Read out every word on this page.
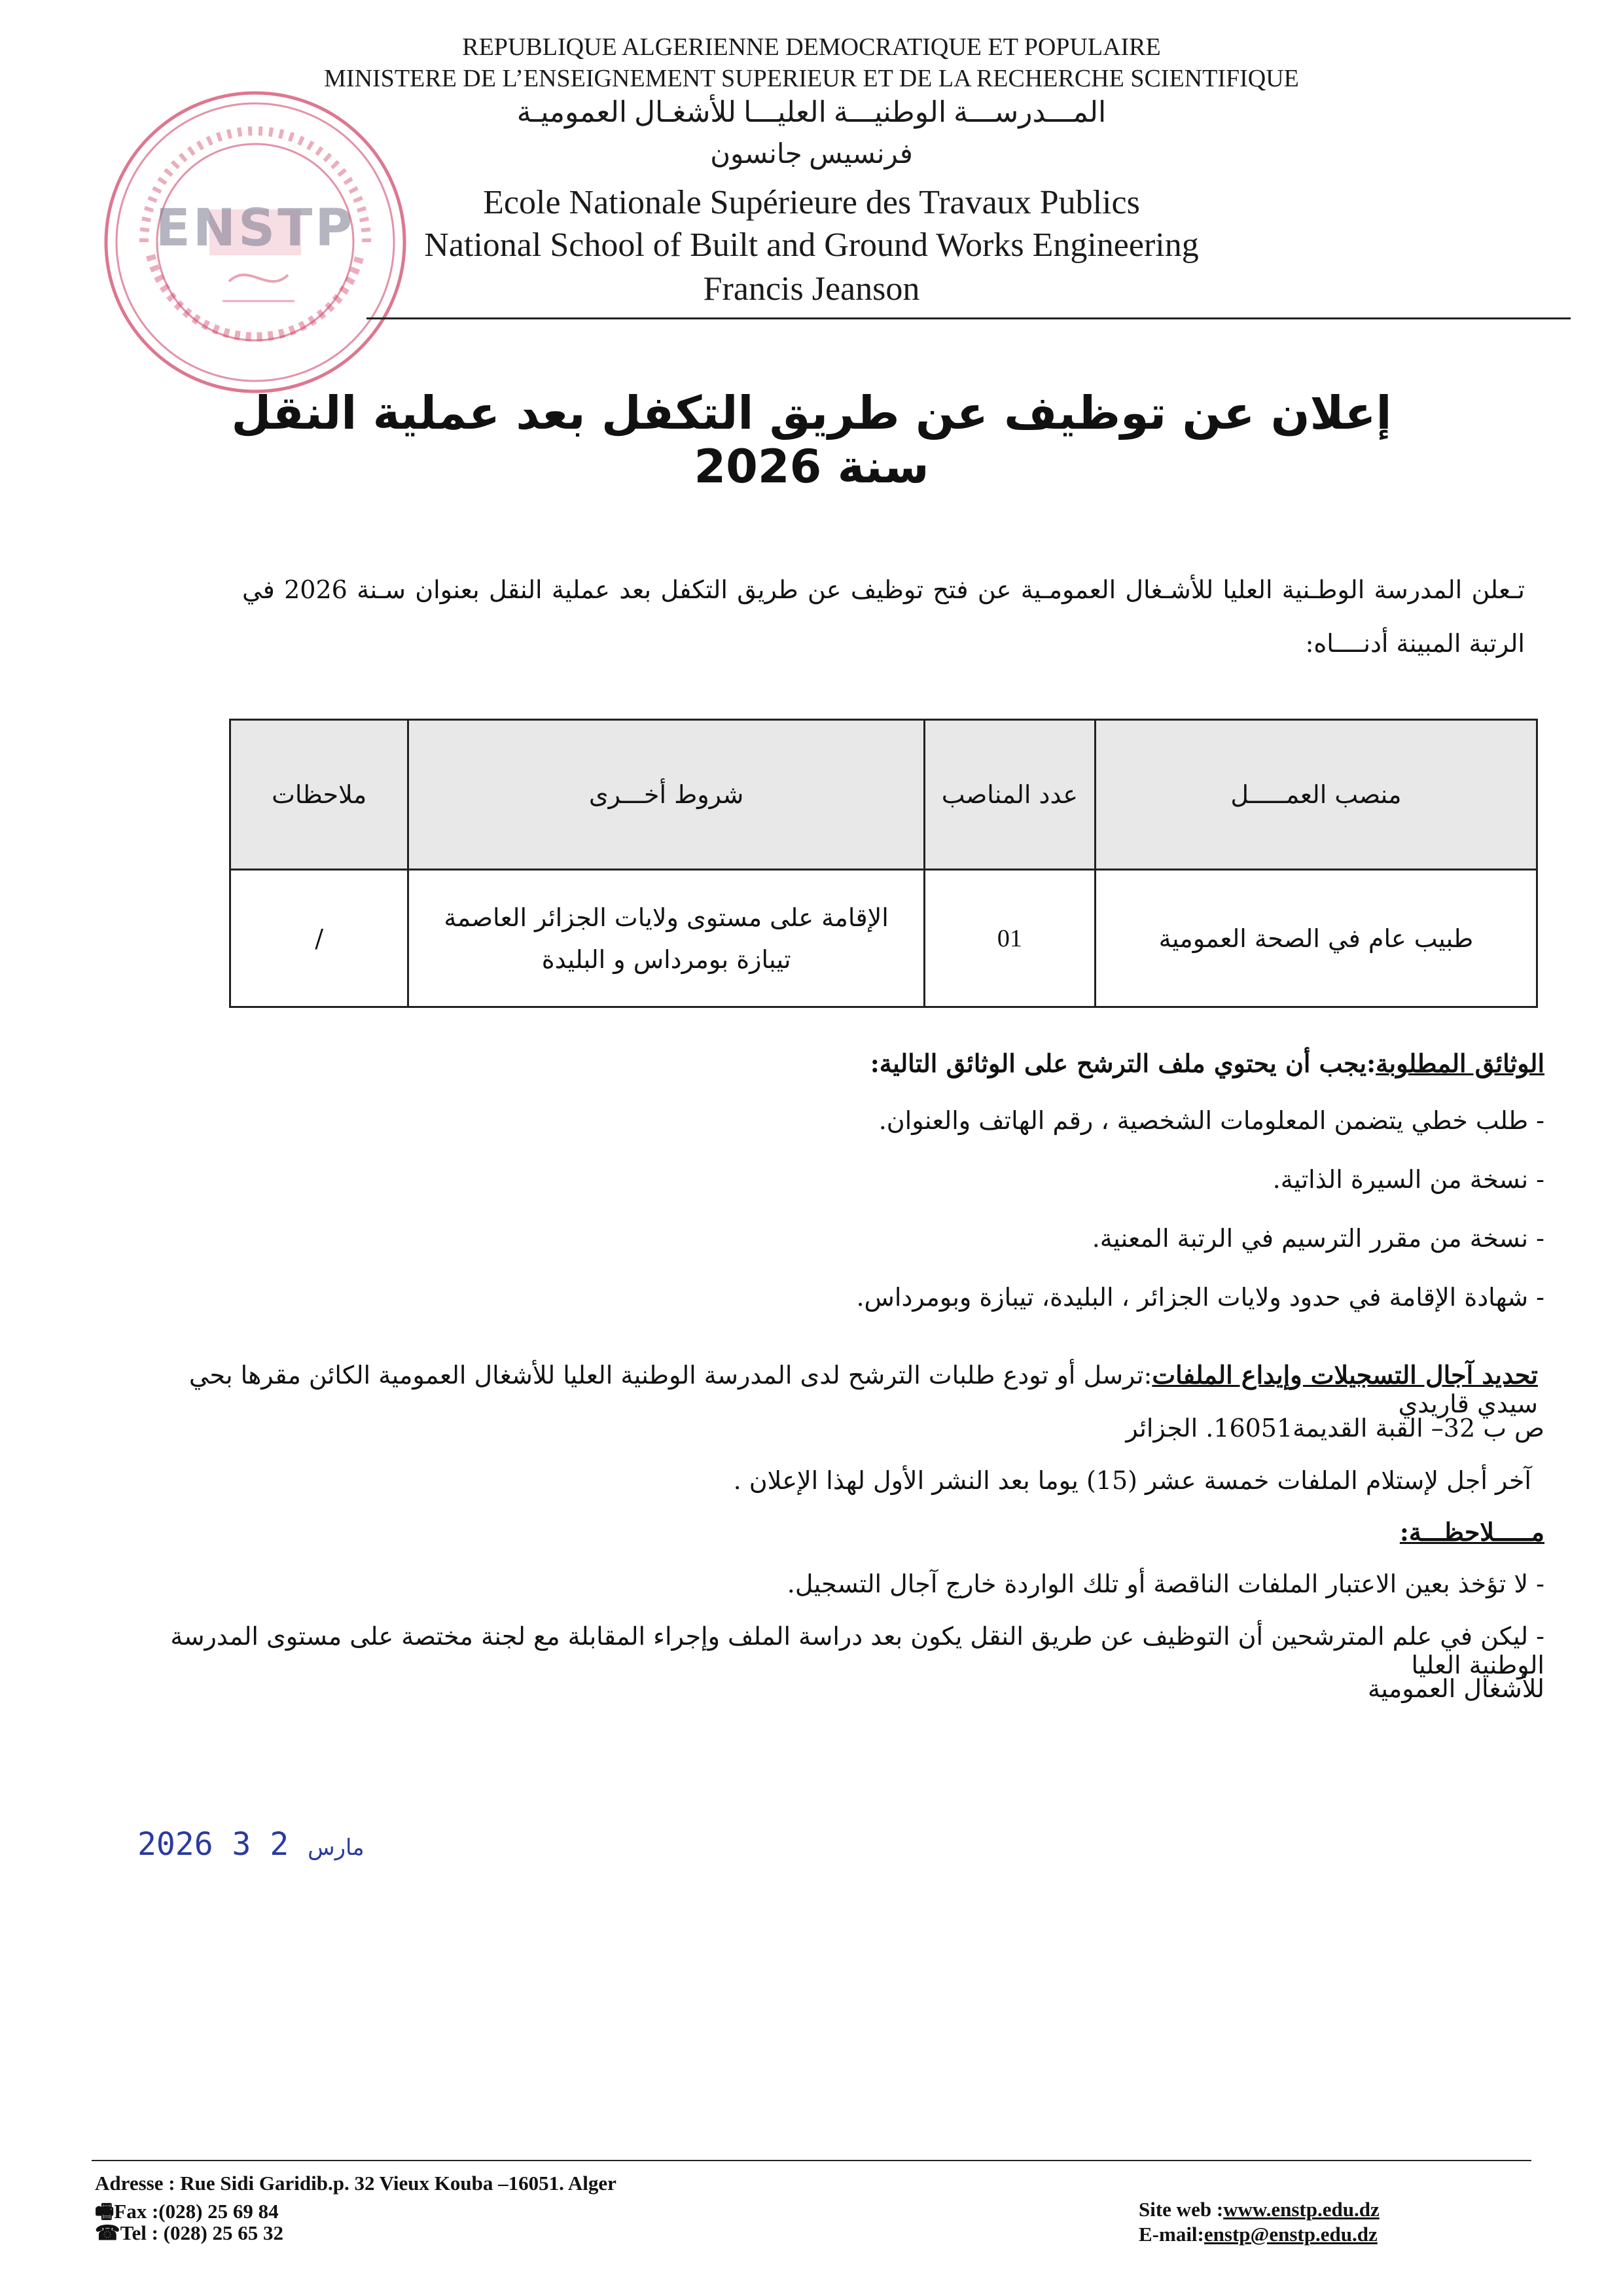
ENSTP
REPUBLIQUE ALGERIENNE DEMOCRATIQUE ET POPULAIRE
MINISTERE DE L’ENSEIGNEMENT SUPERIEUR ET DE LA RECHERCHE SCIENTIFIQUE
المـــدرســـة الوطنيـــة العليـــا للأشغـال العموميـة
فرنسيس جانسون
Ecole Nationale Supérieure des Travaux Publics
National School of Built and Ground Works Engineering
Francis Jeanson
إعلان عن توظيف عن طريق التكفل بعد عملية النقل سنة 2026
تـعلن المدرسة الوطـنية العليا للأشـغال العمومـية عن فتح توظيف عن طريق التكفل بعد عملية النقل بعنوان سـنة 2026 في الرتبة المبينة أدنــــاه:
منصب العمـــــل	عدد المناصب	شروط أخـــرى	ملاحظات
طبيب عام في الصحة العمومية	01	الإقامة على مستوى ولايات الجزائر العاصمة
تيبازة بومرداس و البليدة	/
الوثائق المطلوبة:يجب أن يحتوي ملف الترشح على الوثائق التالية:
- طلب خطي يتضمن المعلومات الشخصية ، رقم الهاتف والعنوان.
- نسخة من السيرة الذاتية.
- نسخة من مقرر الترسيم في الرتبة المعنية.
- شهادة الإقامة في حدود ولايات الجزائر ، البليدة، تيبازة وبومرداس.
تحديد آجال التسجيلات وإيداع الملفات:ترسل أو تودع طلبات الترشح لدى المدرسة الوطنية العليا للأشغال العمومية الكائن مقرها بحي سيدي قاريدي
ص ب 32– القبة القديمة16051. الجزائر
آخر أجل لإستلام الملفات خمسة عشر (15) يوما بعد النشر الأول لهذا الإعلان .
مـــــلاحظـــة:
- لا تؤخذ بعين الاعتبار الملفات الناقصة أو تلك الواردة خارج آجال التسجيل.
- ليكن في علم المترشحين أن التوظيف عن طريق النقل يكون بعد دراسة الملف وإجراء المقابلة مع لجنة مختصة على مستوى المدرسة الوطنية العليا
للأشغال العمومية
2026	مارس 2 3
Adresse : Rue Sidi Garidib.p. 32 Vieux Kouba –16051. Alger
🖷Fax :(028) 25 69 84
☎Tel : (028) 25 65 32
Site web :www.enstp.edu.dz
E-mail:enstp@enstp.edu.dz
